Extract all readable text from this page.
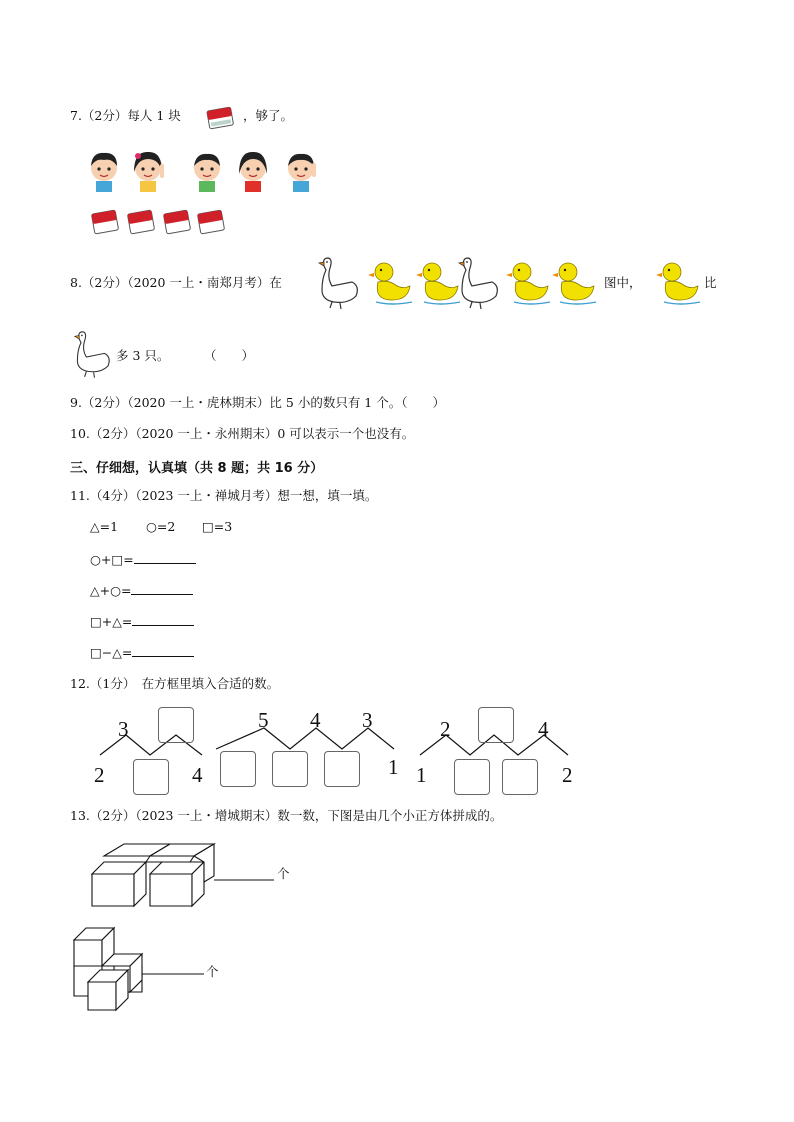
7.（2分）每人 1 块	，够了。
8.（2分）（2020 一上・南郑月考）在	图中，	比
多 3 只。	（　　）
9.（2分）（2020 一上・虎林期末）比 5 小的数只有 1 个。（　　）
10.（2分）（2020 一上・永州期末）0 可以表示一个也没有。
三、仔细想，认真填（共 8 题；共 16 分）
11.（4分）（2023 一上・禅城月考）想一想，填一填。
△=1 ○=2 □=3
○+□=
△+○=
□+△=
□−△=
12.（1分）　在方框里填入合适的数。
3
2	4
5 4 3
1
2	4
1	2
13.（2分）（2023 一上・增城期末）数一数，下图是由几个小正方体拼成的。
个
个
